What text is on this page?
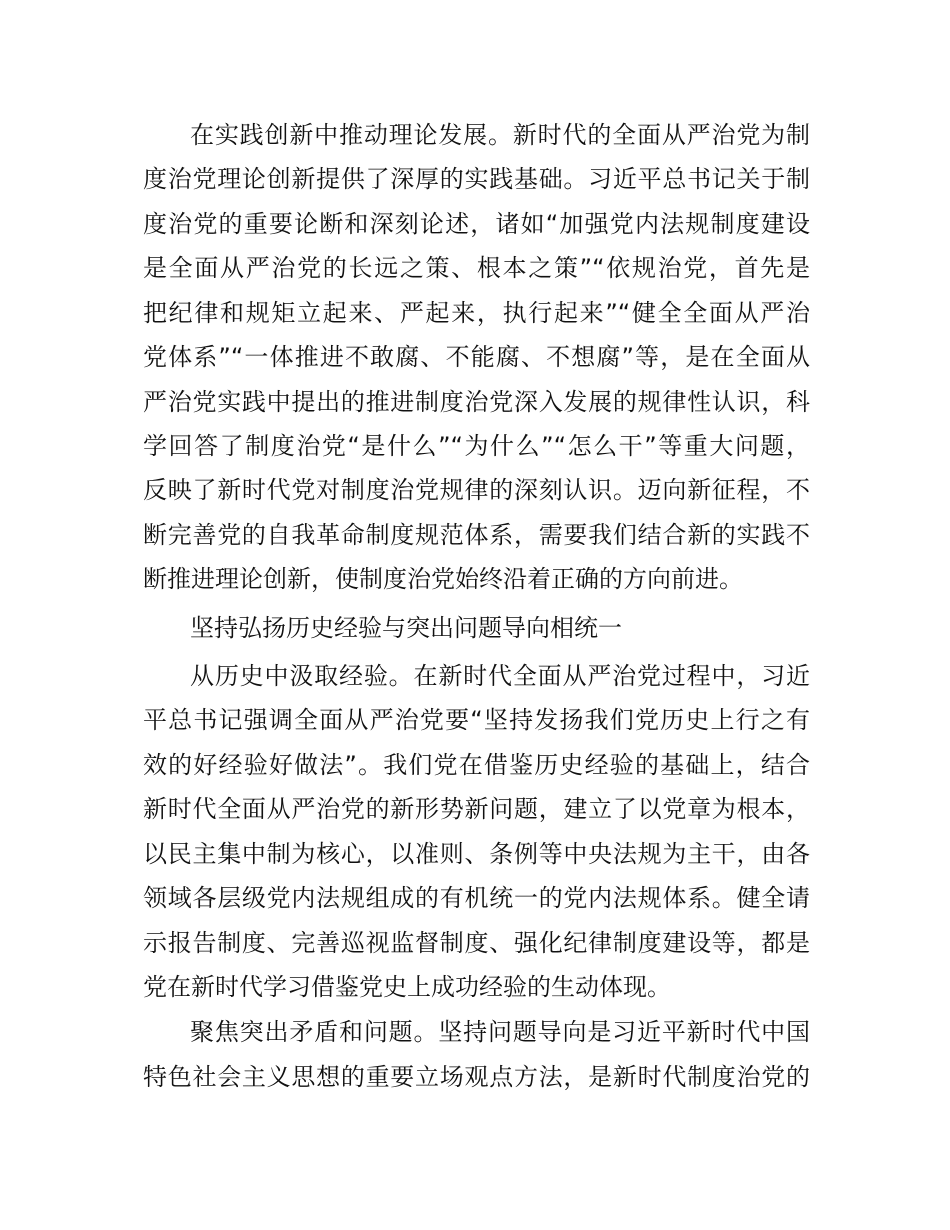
在实践创新中推动理论发展。新时代的全面从严治党为制
度治党理论创新提供了深厚的实践基础。习近平总书记关于制
度治党的重要论断和深刻论述，诸如“加强党内法规制度建设
是全面从严治党的长远之策、根本之策”“依规治党，首先是
把纪律和规矩立起来、严起来，执行起来”“健全全面从严治
党体系”“一体推进不敢腐、不能腐、不想腐”等，是在全面从
严治党实践中提出的推进制度治党深入发展的规律性认识，科
学回答了制度治党“是什么”“为什么”“怎么干”等重大问题，
反映了新时代党对制度治党规律的深刻认识。迈向新征程，不
断完善党的自我革命制度规范体系，需要我们结合新的实践不
断推进理论创新，使制度治党始终沿着正确的方向前进。
坚持弘扬历史经验与突出问题导向相统一
从历史中汲取经验。在新时代全面从严治党过程中，习近
平总书记强调全面从严治党要“坚持发扬我们党历史上行之有
效的好经验好做法”。我们党在借鉴历史经验的基础上，结合
新时代全面从严治党的新形势新问题，建立了以党章为根本，
以民主集中制为核心，以准则、条例等中央法规为主干，由各
领域各层级党内法规组成的有机统一的党内法规体系。健全请
示报告制度、完善巡视监督制度、强化纪律制度建设等，都是
党在新时代学习借鉴党史上成功经验的生动体现。
聚焦突出矛盾和问题。坚持问题导向是习近平新时代中国
特色社会主义思想的重要立场观点方法，是新时代制度治党的
